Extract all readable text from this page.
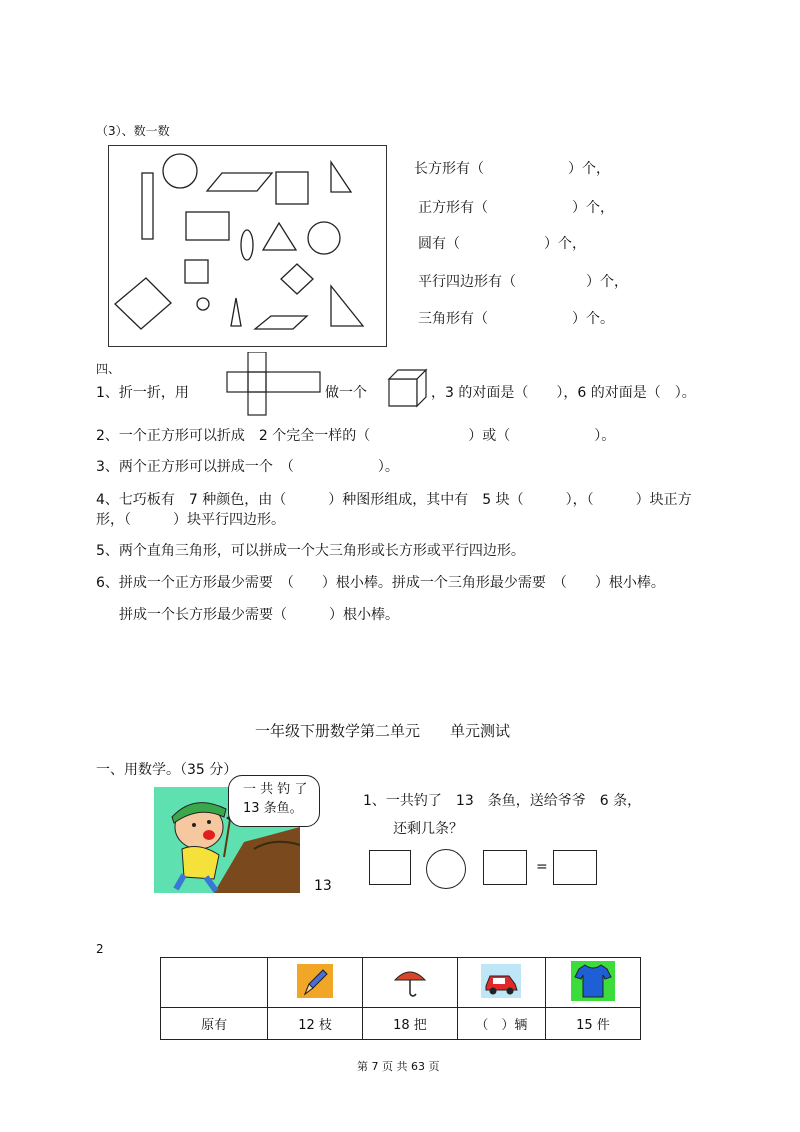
（3）、数一数
长方形有（　　　　　　）个，
正方形有（　　　　　　）个，
圆有（　　　　　　）个，
平行四边形有（　　　　　）个，
三角形有（　　　　　　）个。
四、
1、折一折，用	做一个	，3 的对面是（　　），6 的对面是（　）。
2、一个正方形可以折成　2 个完全一样的（　　　　　　　）或（　　　　　　）。
3、两个正方形可以拼成一个　（　　　　　　）。
4、七巧板有　7 种颜色，由（　　　）种图形组成，其中有　5 块（　　　），（　　　）块正方
形，（　　　）块平行四边形。
5、两个直角三角形，可以拼成一个大三角形或长方形或平行四边形。
6、拼成一个正方形最少需要　（　　）根小棒。拼成一个三角形最少需要　（　　）根小棒。
拼成一个长方形最少需要（　　　）根小棒。
一年级下册数学第二单元　　单元测试
一、用数学。（35 分）
一 共 钓 了
13 条鱼。
13
1、一共钓了　13　条鱼，送给爷爷　6 条，
还剩几条？
=
2

原有	12 枝	18 把	（　）辆	15 件
第 7 页 共 63 页
